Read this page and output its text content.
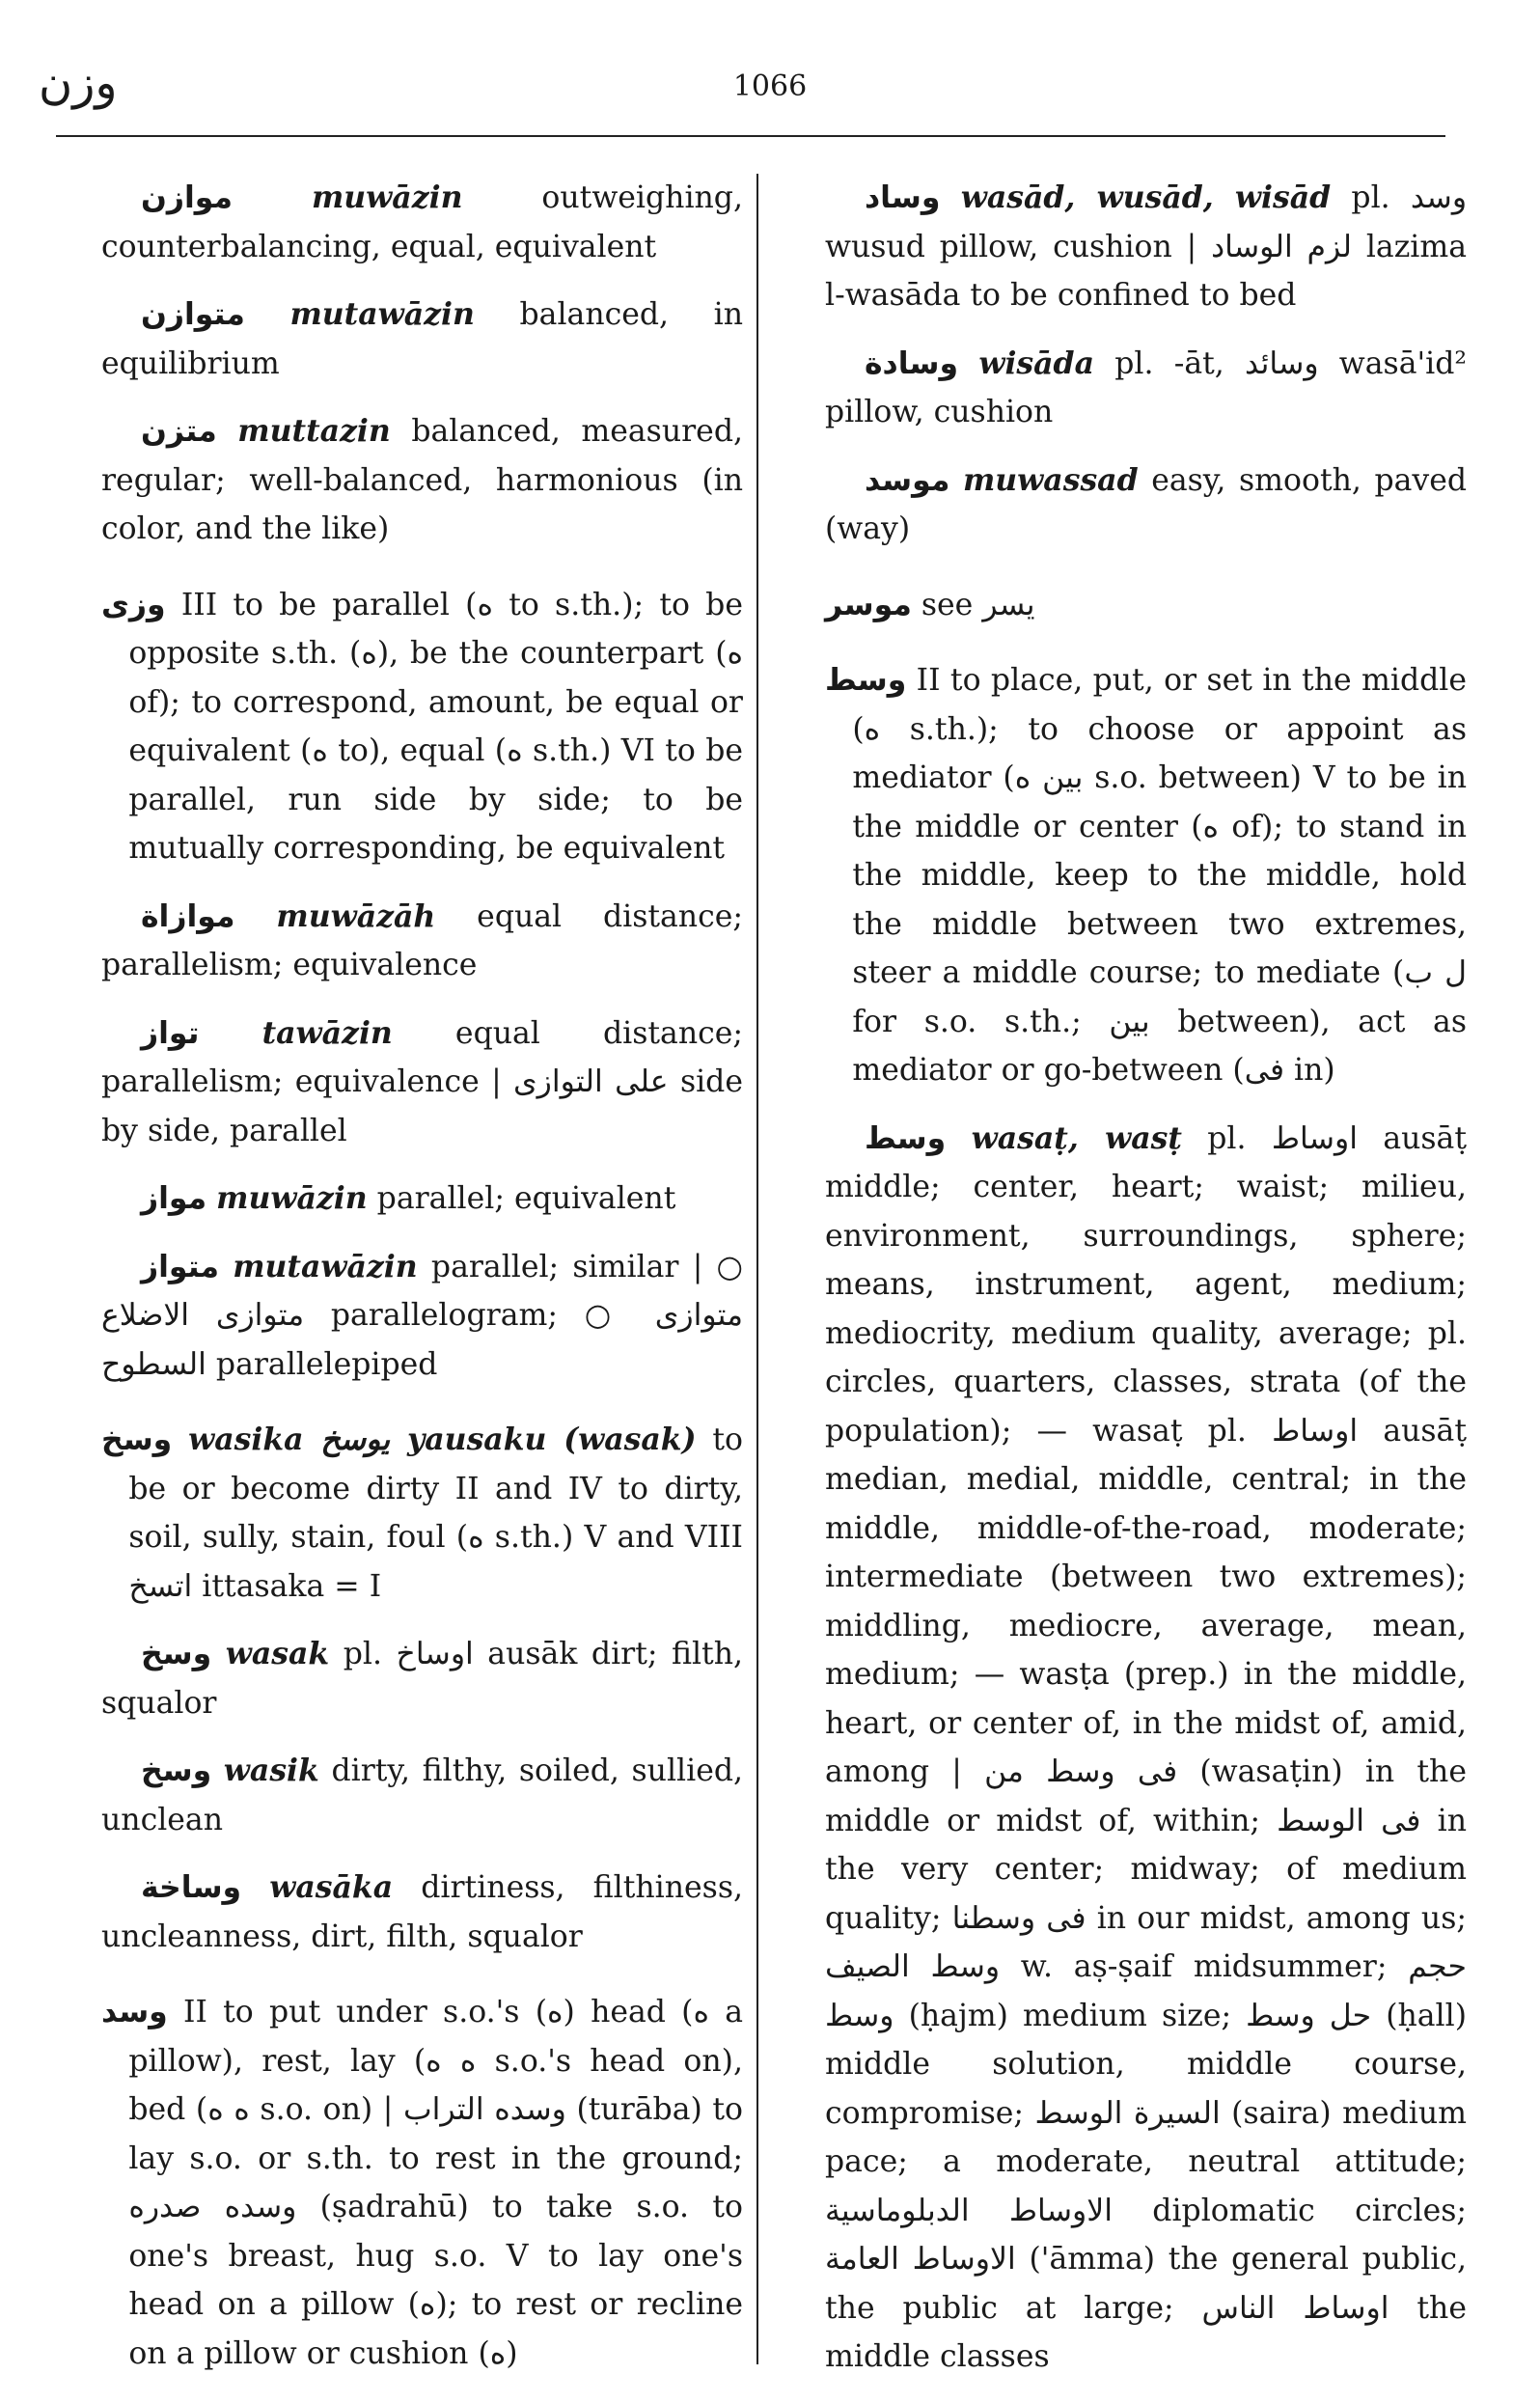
وزن	1066

موازن	muwāzin	outweighing, counterbalancing, equal, equivalent

متوازن mutawāzin balanced, in equilibrium

متزن muttazin balanced, measured, regular; well-balanced, harmonious (in color, and the like)

وزى III to be parallel (ه to s.th.); to be opposite s.th. (ه), be the counterpart (ه of); to correspond, amount, be equal or equivalent (ه to), equal (ه s.th.) VI to be parallel, run side by side; to be mutually corresponding, be equivalent

موازاة muwāzāh equal distance; parallelism; equivalence

تواز tawāzin equal distance; parallelism; equivalence | على التوازى side by side, parallel

مواز muwāzin parallel; equivalent

متواز mutawāzin parallel; similar | ○ متوازى الاضلاع parallelogram; ○ متوازى السطوح parallelepiped

وسخ wasika يوسخ yausaku (wasak) to be or become dirty II and IV to dirty, soil, sully, stain, foul (ه s.th.) V and VIII اتسخ ittasaka = I

وسخ wasak pl. اوساخ ausāk dirt; filth, squalor

وسخ wasik dirty, filthy, soiled, sullied, unclean

وساخة wasāka dirtiness, filthiness, uncleanness, dirt, filth, squalor

وسد II to put under s.o.'s (ه) head (ه a pillow), rest, lay (ه ه s.o.'s head on), bed (ه ه s.o. on) | وسده التراب (turāba) to lay s.o. or s.th. to rest in the ground; وسده صدره (ṣadrahū) to take s.o. to one's breast, hug s.o. V to lay one's head on a pillow (ه); to rest or recline on a pillow or cushion (ه)

وساد wasād, wusād, wisād pl. وسد wusud pillow, cushion | لزم الوساد lazima l-wasāda to be confined to bed

وسادة wisāda pl. -āt, وسائد wasā'id² pillow, cushion

موسد muwassad easy, smooth, paved (way)

موسر see يسر

وسط II to place, put, or set in the middle (ه s.th.); to choose or appoint as mediator (بين ه s.o. between) V to be in the middle or center (ه of); to stand in the middle, keep to the middle, hold the middle between two extremes, steer a middle course; to mediate (ل ب for s.o. s.th.; بين between), act as mediator or go-between (فى in)

وسط wasaṭ, wasṭ pl. اوساط ausāṭ middle; center, heart; waist; milieu, environment, surroundings, sphere; means, instrument, agent, medium; mediocrity, medium quality, average; pl. circles, quarters, classes, strata (of the population); — wasaṭ pl. اوساط ausāṭ median, medial, middle, central; in the middle, middle-of-the-road, moderate; intermediate (between two extremes); middling, mediocre, average, mean, medium; — wasṭa (prep.) in the middle, heart, or center of, in the midst of, amid, among | فى وسط من (wasaṭin) in the middle or midst of, within; فى الوسط in the very center; midway; of medium quality; فى وسطنا in our midst, among us; وسط الصيف w. aṣ-ṣaif midsummer; حجم وسط (ḥajm) medium size; حل وسط (ḥall) middle solution, middle course, compromise; السيرة الوسط (saira) medium pace; a moderate, neutral attitude; الاوساط الدبلوماسية diplomatic circles; الاوساط العامة ('āmma) the general public, the public at large; اوساط الناس the middle classes
